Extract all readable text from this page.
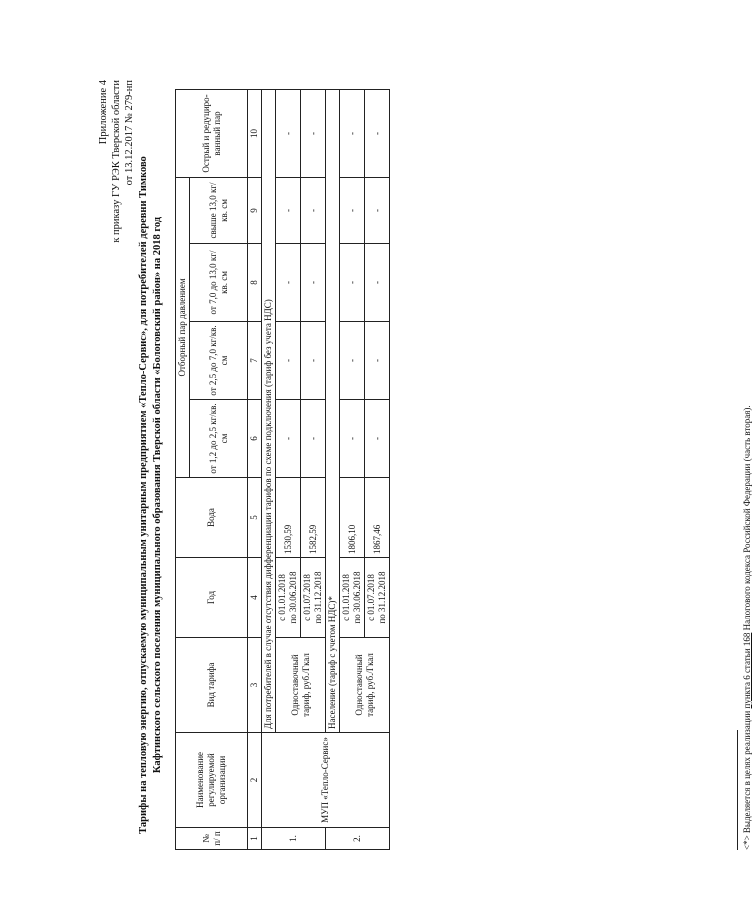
Приложение 4 к приказу ГУ РЭК Тверской области от 13.12.2017 № 279-нп
Тарифы на тепловую энергию, отпускаемую муниципальным унитарным предприятием «Тепло-Сервис», для потребителей деревни Тимково Кафтинского сельского поселения муниципального образования Тверской области «Бологовский район» на 2018 год
№ п/ п	Наименование регулируемой организации	Вид тарифа	Год	Вода	Отборный пар давлением				Острый и редуциро-ванный пар
					от 1,2 до 2,5 кг/кв. см	от 2,5 до 7,0 кг/кв. см	от 7,0 до 13,0 кг/кв. см	свыше 13,0 кг/кв. см	
1	2	3	4	5	6	7	8	9	10
1.	МУП «Тепло-Сервис»	Для потребителей в случае отсутствия дифференциации тарифов по схеме подключения (тариф без учета НДС)							
		Одноставочный тариф, руб./Гкал	с 01.01.2018 по 30.06.2018	1530,59	-	-	-	-	-

			с 01.07.2018 по 31.12.2018	1582,59	-	-	-	-	-
2.		Население (тариф с учетом НДС)*							
		Одноставочный тариф, руб./Гкал	с 01.01.2018 по 30.06.2018	1806,10	-	-	-	-	-

			с 01.07.2018 по 31.12.2018	1867,46	-	-	-	-	-
<*> Выделяется в целях реализации пункта 6 статьи 168 Налогового кодекса Российской Федерации (часть вторая).
